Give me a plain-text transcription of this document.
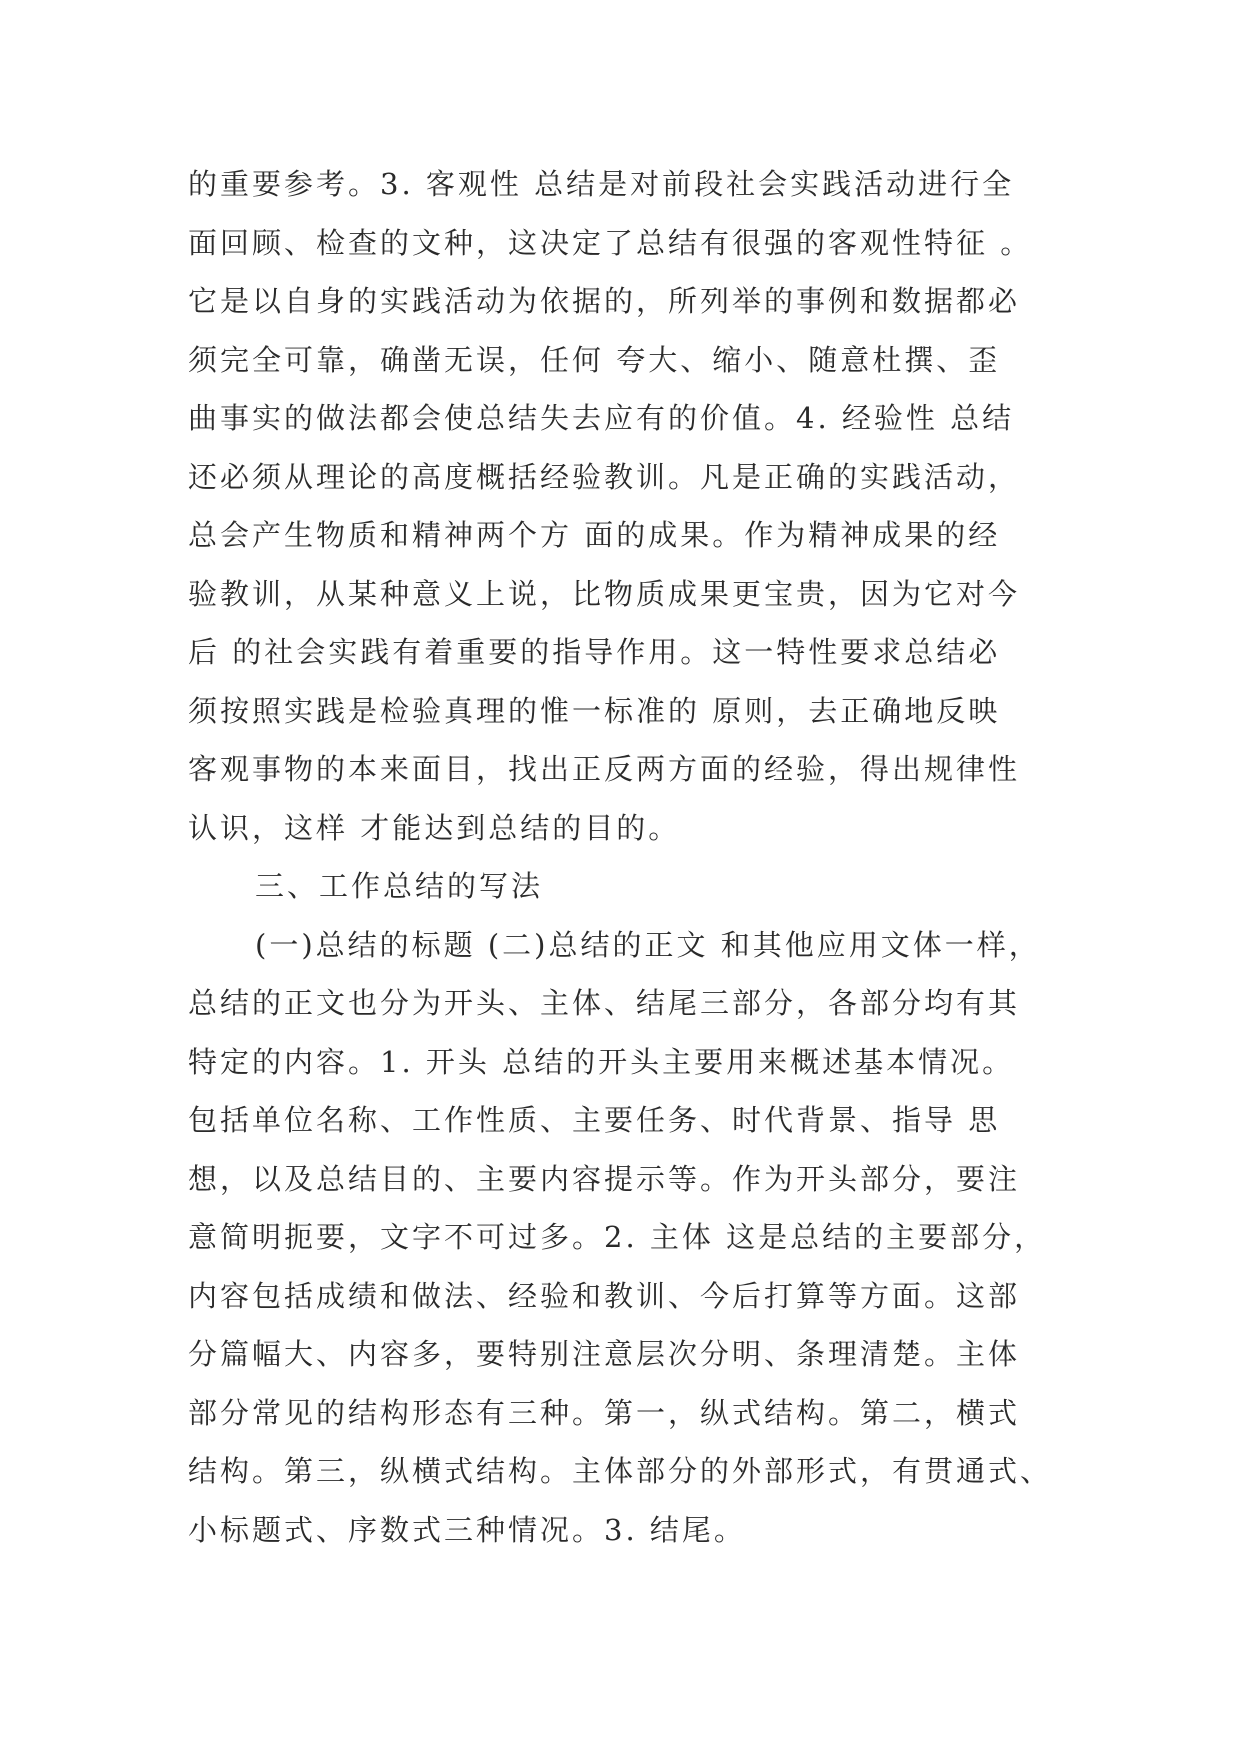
的重要参考。3. 客观性 总结是对前段社会实践活动进行全
面回顾、检查的文种，这决定了总结有很强的客观性特征 。
它是以自身的实践活动为依据的，所列举的事例和数据都必
须完全可靠，确凿无误，任何 夸大、缩小、随意杜撰、歪
曲事实的做法都会使总结失去应有的价值。4. 经验性 总结
还必须从理论的高度概括经验教训。凡是正确的实践活动，
总会产生物质和精神两个方 面的成果。作为精神成果的经
验教训，从某种意义上说，比物质成果更宝贵，因为它对今
后 的社会实践有着重要的指导作用。这一特性要求总结必
须按照实践是检验真理的惟一标准的 原则，去正确地反映
客观事物的本来面目，找出正反两方面的经验，得出规律性
认识，这样 才能达到总结的目的。
三、工作总结的写法
(一)总结的标题 (二)总结的正文 和其他应用文体一样，
总结的正文也分为开头、主体、结尾三部分，各部分均有其
特定的内容。1. 开头 总结的开头主要用来概述基本情况。
包括单位名称、工作性质、主要任务、时代背景、指导 思
想，以及总结目的、主要内容提示等。作为开头部分，要注
意简明扼要，文字不可过多。2. 主体 这是总结的主要部分，
内容包括成绩和做法、经验和教训、今后打算等方面。这部
分篇幅大、内容多，要特别注意层次分明、条理清楚。主体
部分常见的结构形态有三种。第一，纵式结构。第二，横式
结构。第三，纵横式结构。主体部分的外部形式，有贯通式、
小标题式、序数式三种情况。3. 结尾。
